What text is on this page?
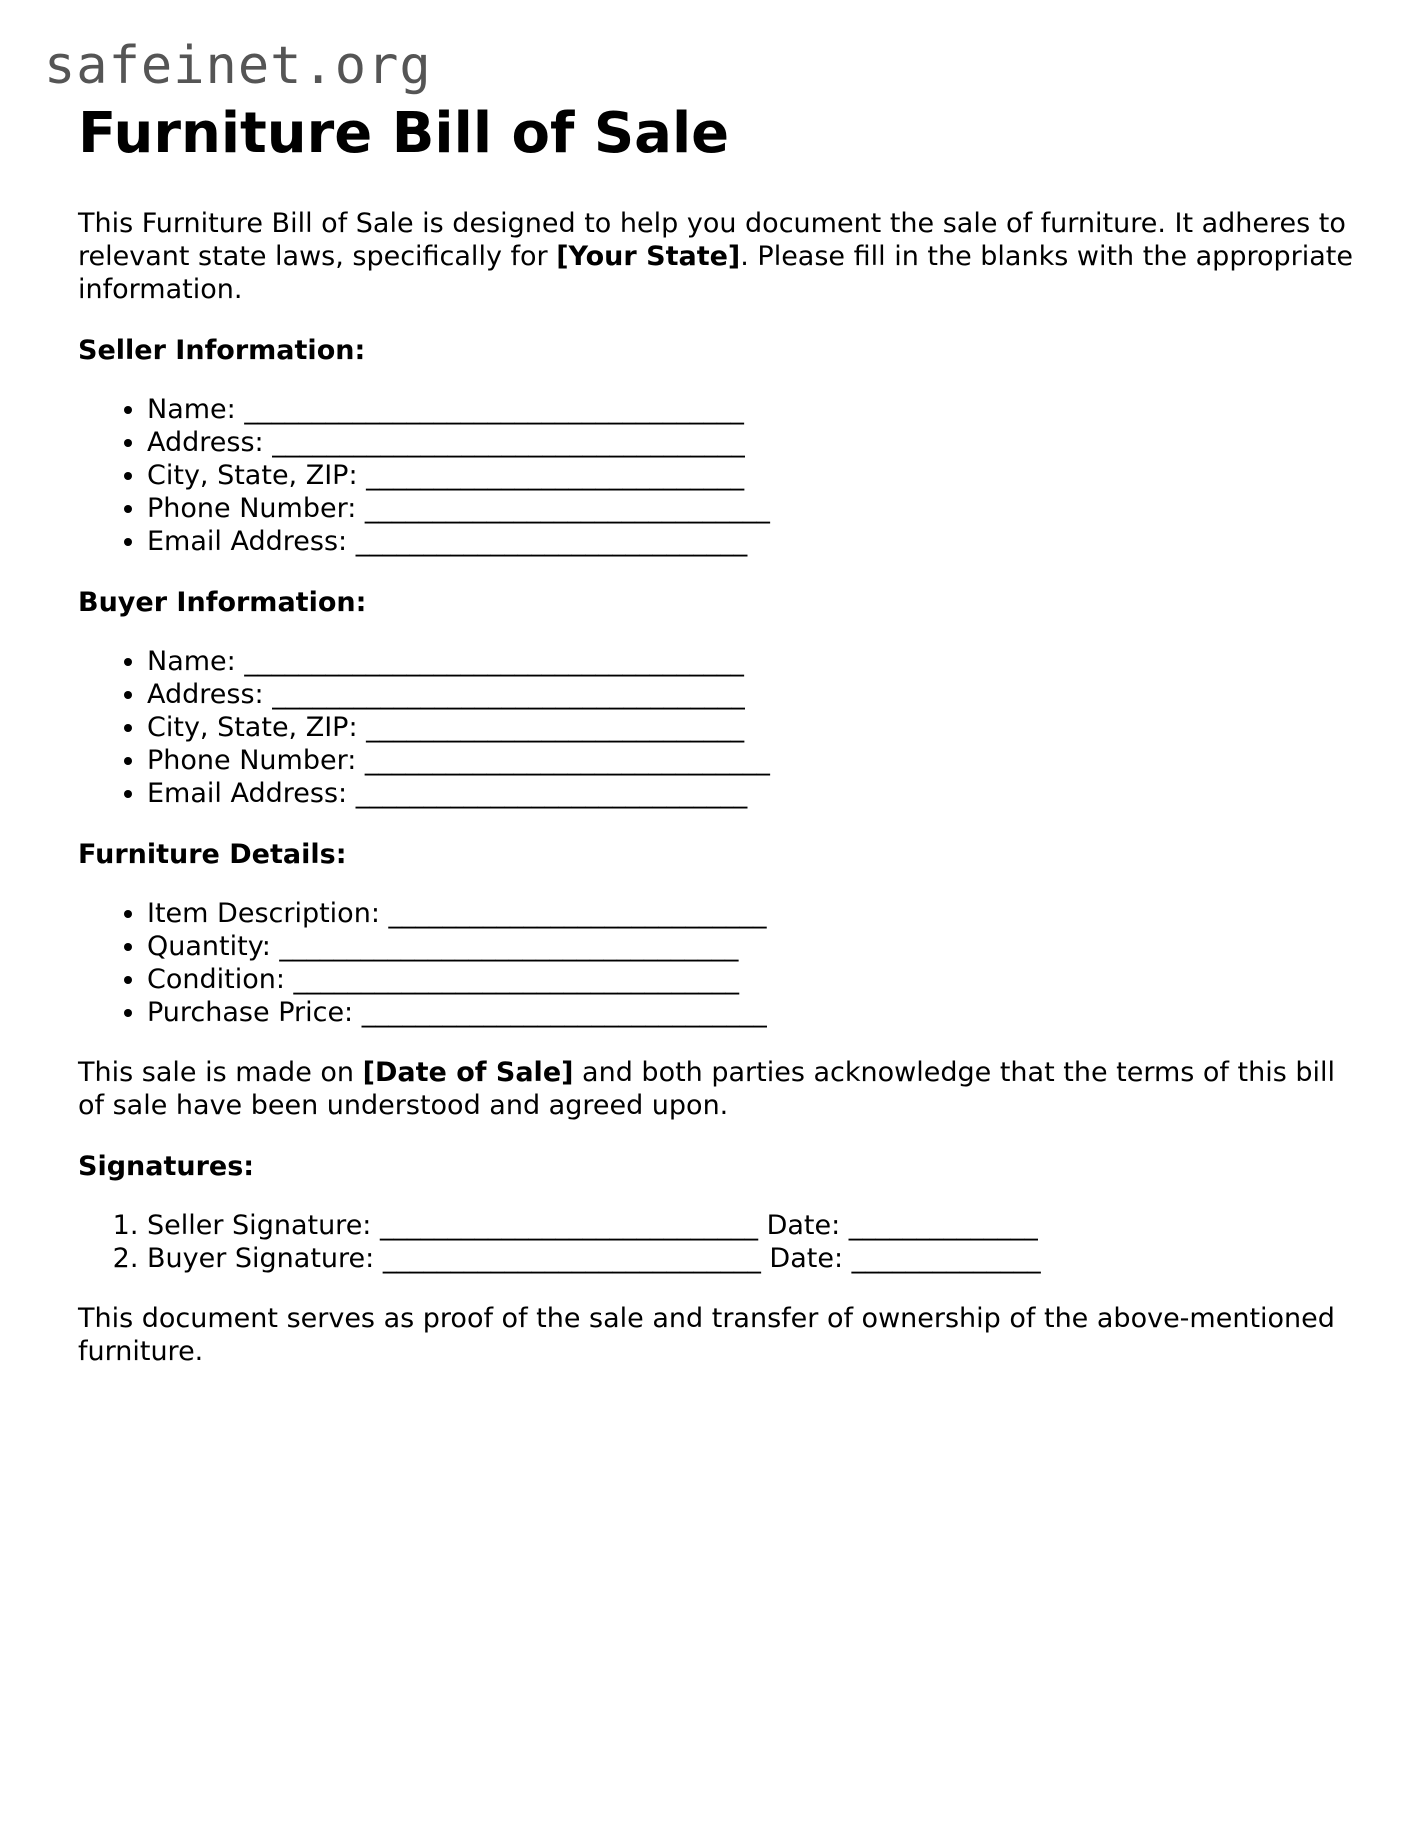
safeinet.org
Furniture Bill of Sale

This Furniture Bill of Sale is designed to help you document the sale of furniture. It adheres to relevant state laws, specifically for [Your State]. Please fill in the blanks with the appropriate information.

Seller Information:

• Name: _____________________________________
• Address: ___________________________________
• City, State, ZIP: ____________________________
• Phone Number: ______________________________
• Email Address: _____________________________

Buyer Information:

• Name: _____________________________________
• Address: ___________________________________
• City, State, ZIP: ____________________________
• Phone Number: ______________________________
• Email Address: _____________________________

Furniture Details:

• Item Description: ____________________________
• Quantity: __________________________________
• Condition: _________________________________
• Purchase Price: ______________________________

This sale is made on [Date of Sale] and both parties acknowledge that the terms of this bill of sale have been understood and agreed upon.

Signatures:

1. Seller Signature: ____________________________ Date: ______________
2. Buyer Signature: ____________________________ Date: ______________

This document serves as proof of the sale and transfer of ownership of the above-mentioned furniture.
